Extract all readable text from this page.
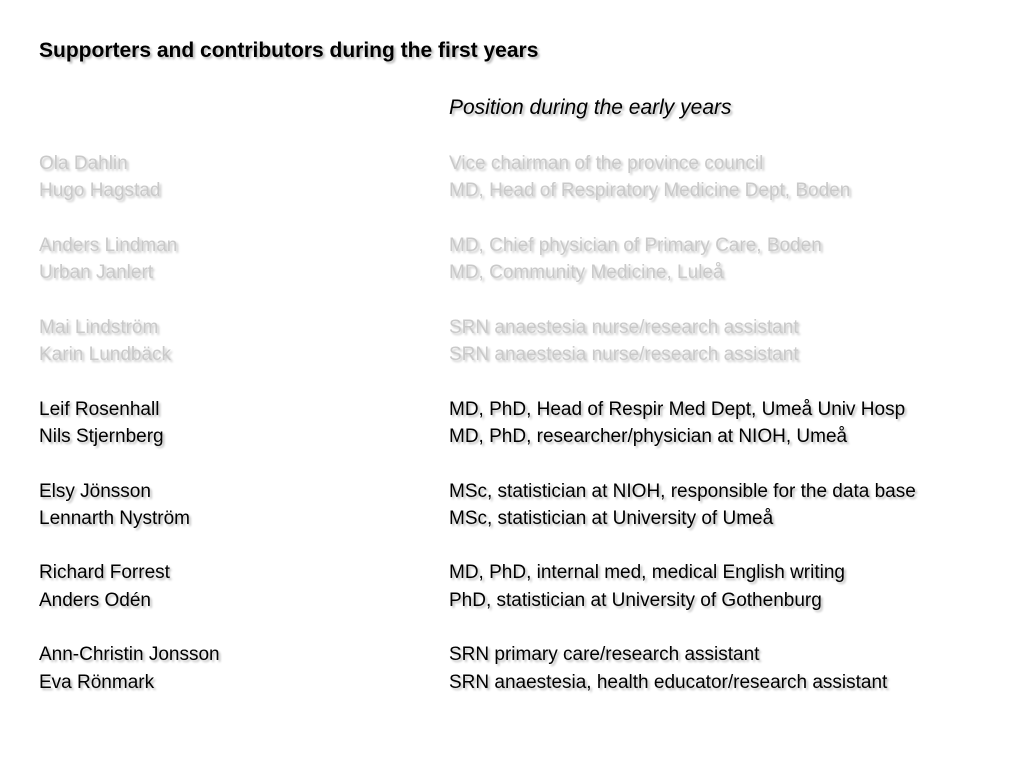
Supporters and contributors during the first years
Position during the early years
Ola Dahlin	Vice chairman of the province council
Hugo Hagstad	MD, Head of Respiratory Medicine Dept, Boden
Anders Lindman	MD, Chief physician of Primary Care, Boden
Urban Janlert	MD, Community Medicine, Luleå
Mai Lindström	SRN anaestesia nurse/research assistant
Karin Lundbäck	SRN anaestesia nurse/research assistant
Leif Rosenhall	MD, PhD, Head of Respir Med Dept, Umeå Univ Hosp
Nils Stjernberg	MD, PhD, researcher/physician at NIOH, Umeå
Elsy Jönsson	MSc, statistician at NIOH, responsible for the data base
Lennarth Nyström	MSc, statistician at University of Umeå
Richard Forrest	MD, PhD, internal med, medical English writing
Anders Odén	PhD, statistician at University of Gothenburg
Ann-Christin Jonsson	SRN primary care/research assistant
Eva Rönmark	SRN anaestesia, health educator/research assistant
